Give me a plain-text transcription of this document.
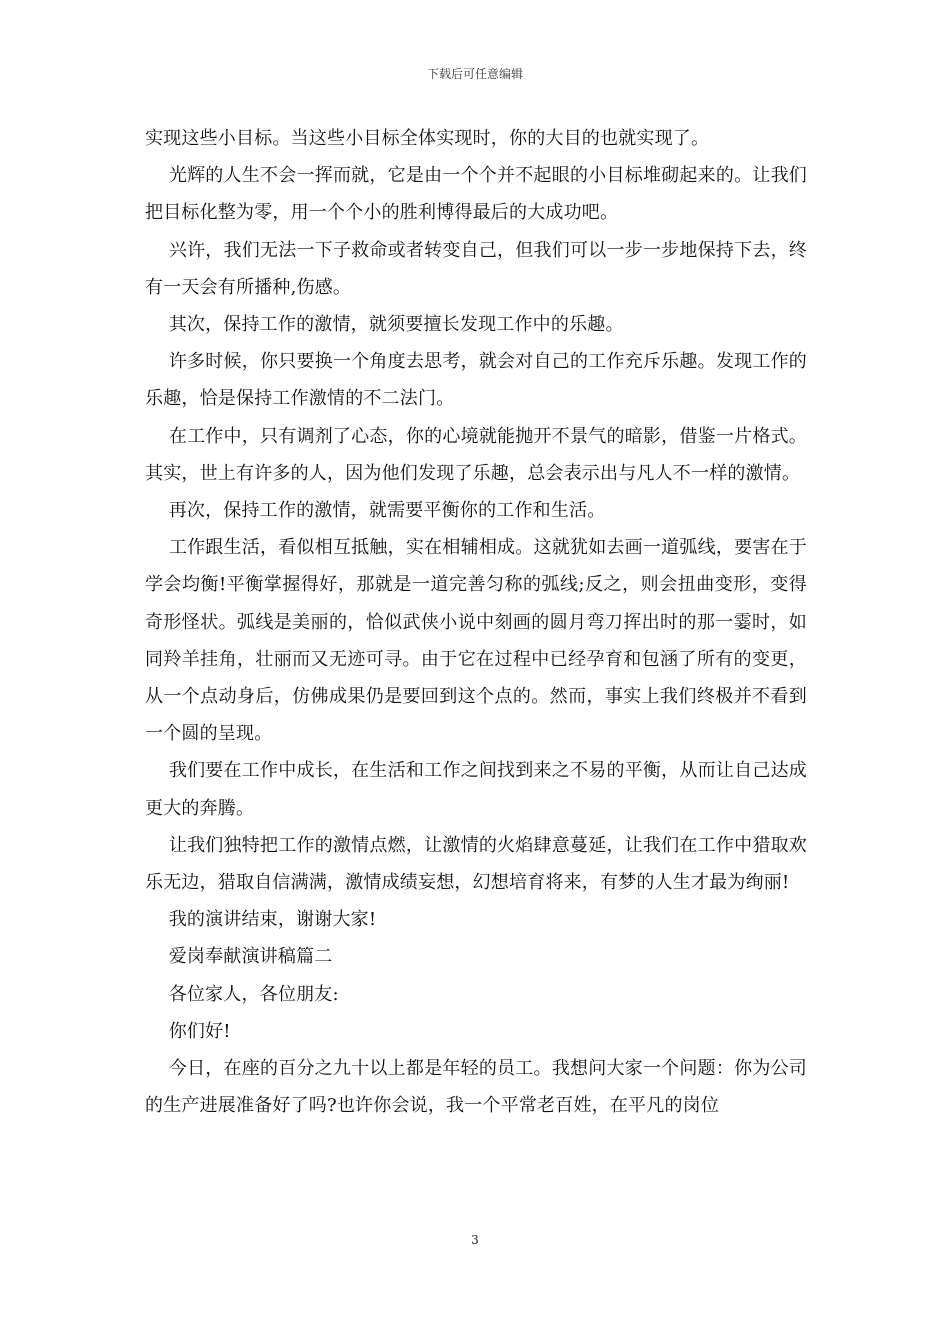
下载后可任意编辑

实现这些小目标。当这些小目标全体实现时，你的大目的也就实现了。

光辉的人生不会一挥而就，它是由一个个并不起眼的小目标堆砌起来的。让我们把目标化整为零，用一个个小的胜利博得最后的大成功吧。

兴许，我们无法一下子救命或者转变自己，但我们可以一步一步地保持下去，终有一天会有所播种,伤感。

其次，保持工作的激情，就须要擅长发现工作中的乐趣。

许多时候，你只要换一个角度去思考，就会对自己的工作充斥乐趣。发现工作的乐趣，恰是保持工作激情的不二法门。

在工作中，只有调剂了心态，你的心境就能抛开不景气的暗影，借鉴一片格式。其实，世上有许多的人，因为他们发现了乐趣，总会表示出与凡人不一样的激情。

再次，保持工作的激情，就需要平衡你的工作和生活。

工作跟生活，看似相互抵触，实在相辅相成。这就犹如去画一道弧线，要害在于学会均衡!平衡掌握得好，那就是一道完善匀称的弧线;反之，则会扭曲变形，变得奇形怪状。弧线是美丽的，恰似武侠小说中刻画的圆月弯刀挥出时的那一霎时，如同羚羊挂角，壮丽而又无迹可寻。由于它在过程中已经孕育和包涵了所有的变更，从一个点动身后，仿佛成果仍是要回到这个点的。然而，事实上我们终极并不看到一个圆的呈现。

我们要在工作中成长，在生活和工作之间找到来之不易的平衡，从而让自己达成更大的奔腾。

让我们独特把工作的激情点燃，让激情的火焰肆意蔓延，让我们在工作中猎取欢乐无边，猎取自信满满，激情成绩妄想，幻想培育将来，有梦的人生才最为绚丽!

我的演讲结束，谢谢大家!

爱岗奉献演讲稿篇二

各位家人，各位朋友:

你们好!

今日，在座的百分之九十以上都是年轻的员工。我想问大家一个问题：你为公司的生产进展准备好了吗?也许你会说，我一个平常老百姓，在平凡的岗位

3
